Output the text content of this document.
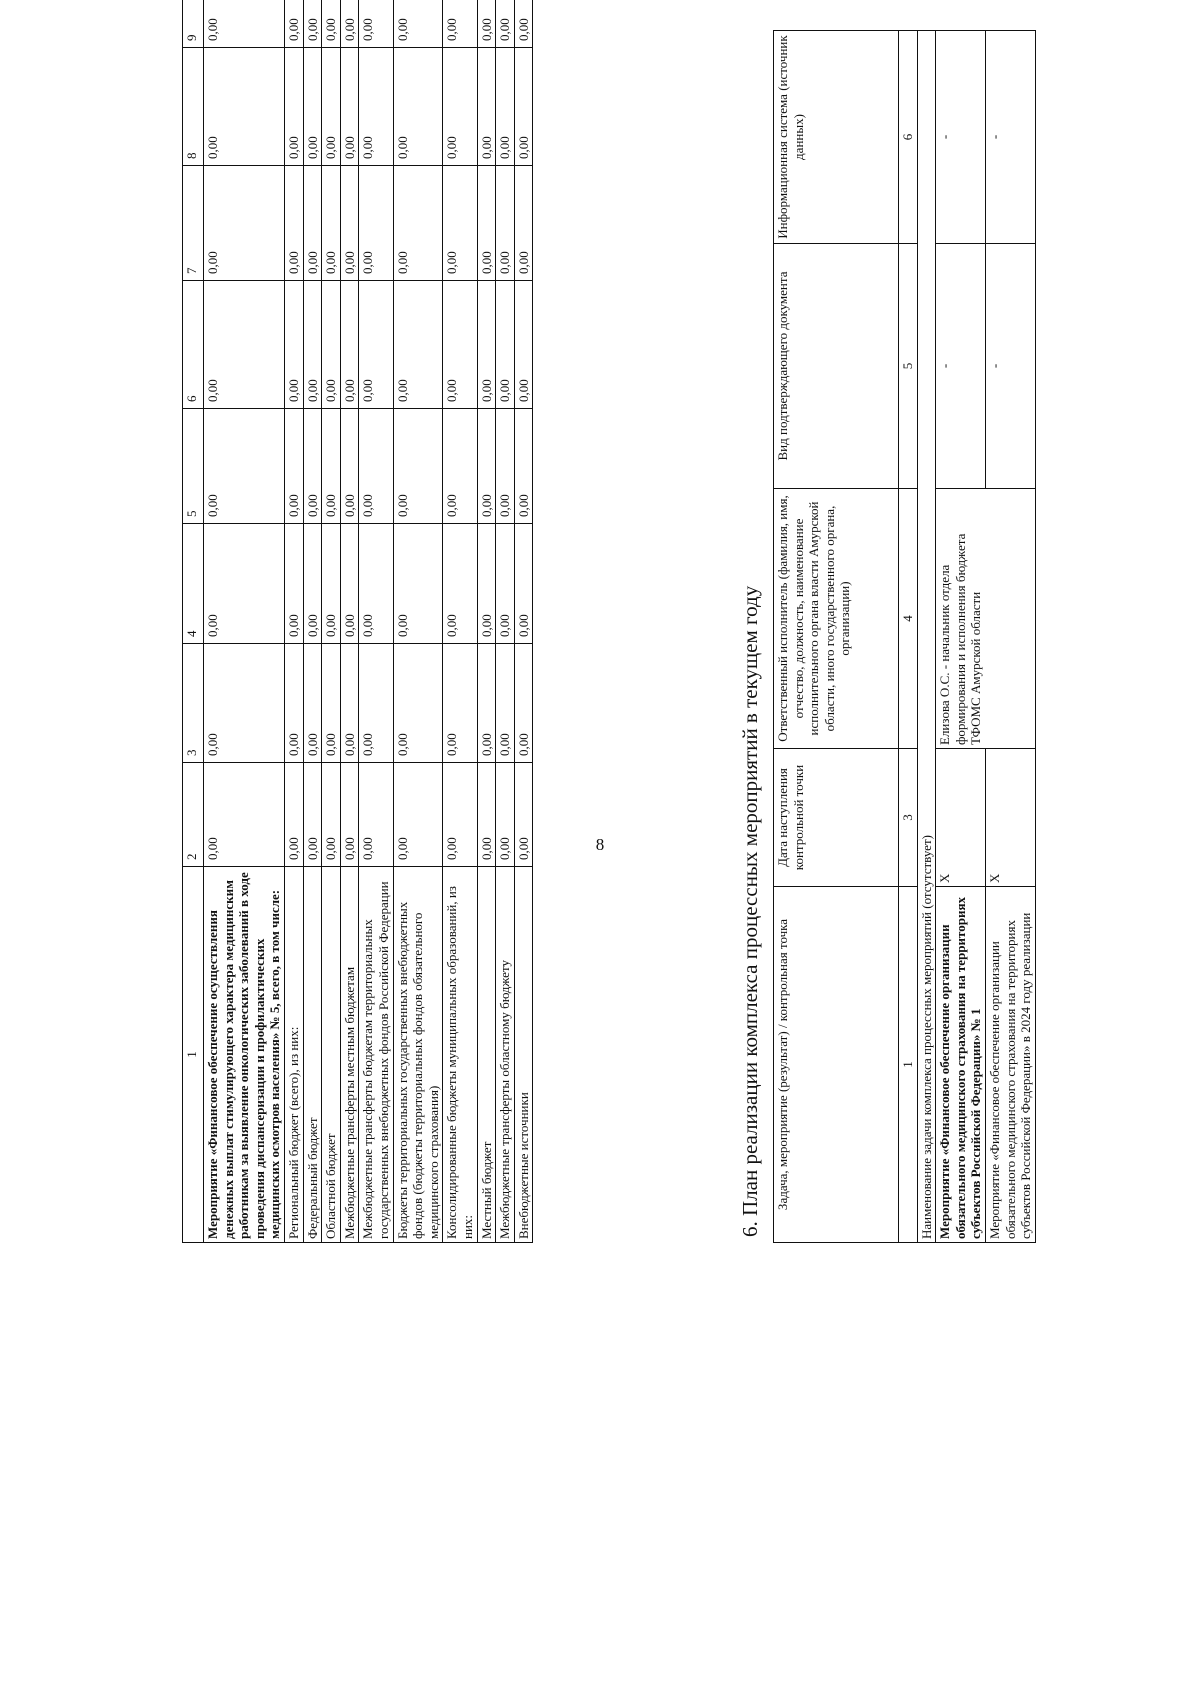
8
1	2	3	4	5	6	7	8	9
Мероприятие «Финансовое обеспечение осуществления денежных выплат стимулирующего характера медицинским работникам за выявление онкологических заболеваний в ходе проведения диспансеризации и профилактических медицинских осмотров населения» № 5, всего, в том числе:	0,00	0,00	0,00	0,00	0,00	0,00	0,00	0,00
Региональный бюджет (всего), из них:	0,00	0,00	0,00	0,00	0,00	0,00	0,00	0,00
Федеральный бюджет	0,00	0,00	0,00	0,00	0,00	0,00	0,00	0,00
Областной бюджет	0,00	0,00	0,00	0,00	0,00	0,00	0,00	0,00
Межбюджетные трансферты местным бюджетам	0,00	0,00	0,00	0,00	0,00	0,00	0,00	0,00
Межбюджетные трансферты бюджетам территориальных государственных внебюджетных фондов Российской Федерации	0,00	0,00	0,00	0,00	0,00	0,00	0,00	0,00
Бюджеты территориальных государственных внебюджетных фондов (бюджеты территориальных фондов обязательного медицинского страхования)	0,00	0,00	0,00	0,00	0,00	0,00	0,00	0,00
Консолидированные бюджеты муниципальных образований, из них:	0,00	0,00	0,00	0,00	0,00	0,00	0,00	0,00
Местный бюджет	0,00	0,00	0,00	0,00	0,00	0,00	0,00	0,00
Межбюджетные трансферты областному бюджету	0,00	0,00	0,00	0,00	0,00	0,00	0,00	0,00
Внебюджетные источники	0,00	0,00	0,00	0,00	0,00	0,00	0,00	0,00
6. План реализации комплекса процессных мероприятий в текущем году Задача, мероприятие (результат) / контрольная точка	Дата наступления контрольной точки	Ответственный исполнитель (фамилия, имя, отчество, должность, наименование исполнительного органа власти Амурской области, иного государственного органа, организации)	Вид подтверждающего документа	Информационная система (источник данных)
1	3	4	5	6
Наименование задачи комплекса процессных мероприятий (отсутствует)				
Мероприятие «Финансовое обеспечение организации обязательного медицинского страхования на территориях субъектов Российской Федерации» № 1	Х	Елизова О.С. - начальник отдела формирования и исполнения бюджета ТФОМС Амурской области	-	-
Мероприятие «Финансовое обеспечение организации обязательного медицинского страхования на территориях субъектов Российской Федерации» в 2024 году реализации	Х		-	-
